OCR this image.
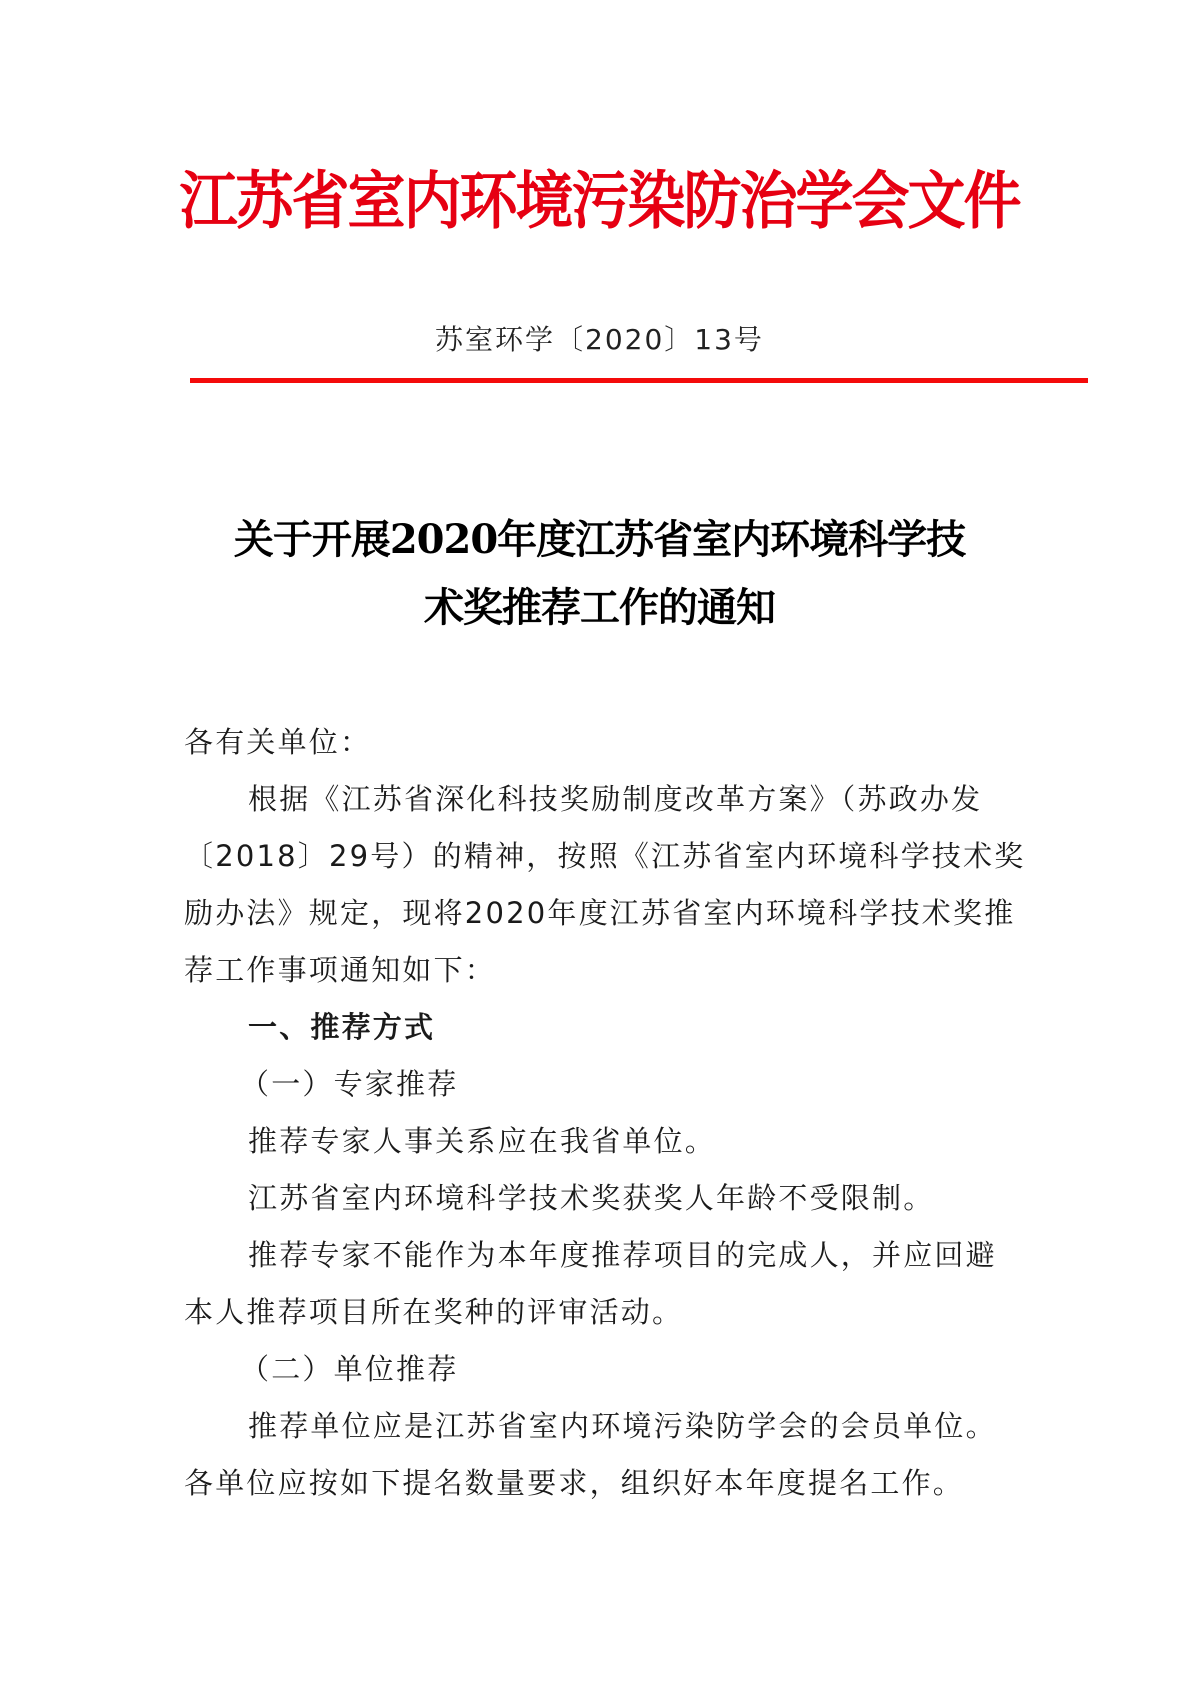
江苏省室内环境污染防治学会文件
苏室环学〔2020〕13号
关于开展2020年度江苏省室内环境科学技
术奖推荐工作的通知
各有关单位：
根据《江苏省深化科技奖励制度改革方案》（苏政办发
〔2018〕29号）的精神，按照《江苏省室内环境科学技术奖
励办法》规定，现将2020年度江苏省室内环境科学技术奖推
荐工作事项通知如下：
一、推荐方式
（一）专家推荐
推荐专家人事关系应在我省单位。
江苏省室内环境科学技术奖获奖人年龄不受限制。
推荐专家不能作为本年度推荐项目的完成人，并应回避
本人推荐项目所在奖种的评审活动。
（二）单位推荐
推荐单位应是江苏省室内环境污染防学会的会员单位。
各单位应按如下提名数量要求，组织好本年度提名工作。
